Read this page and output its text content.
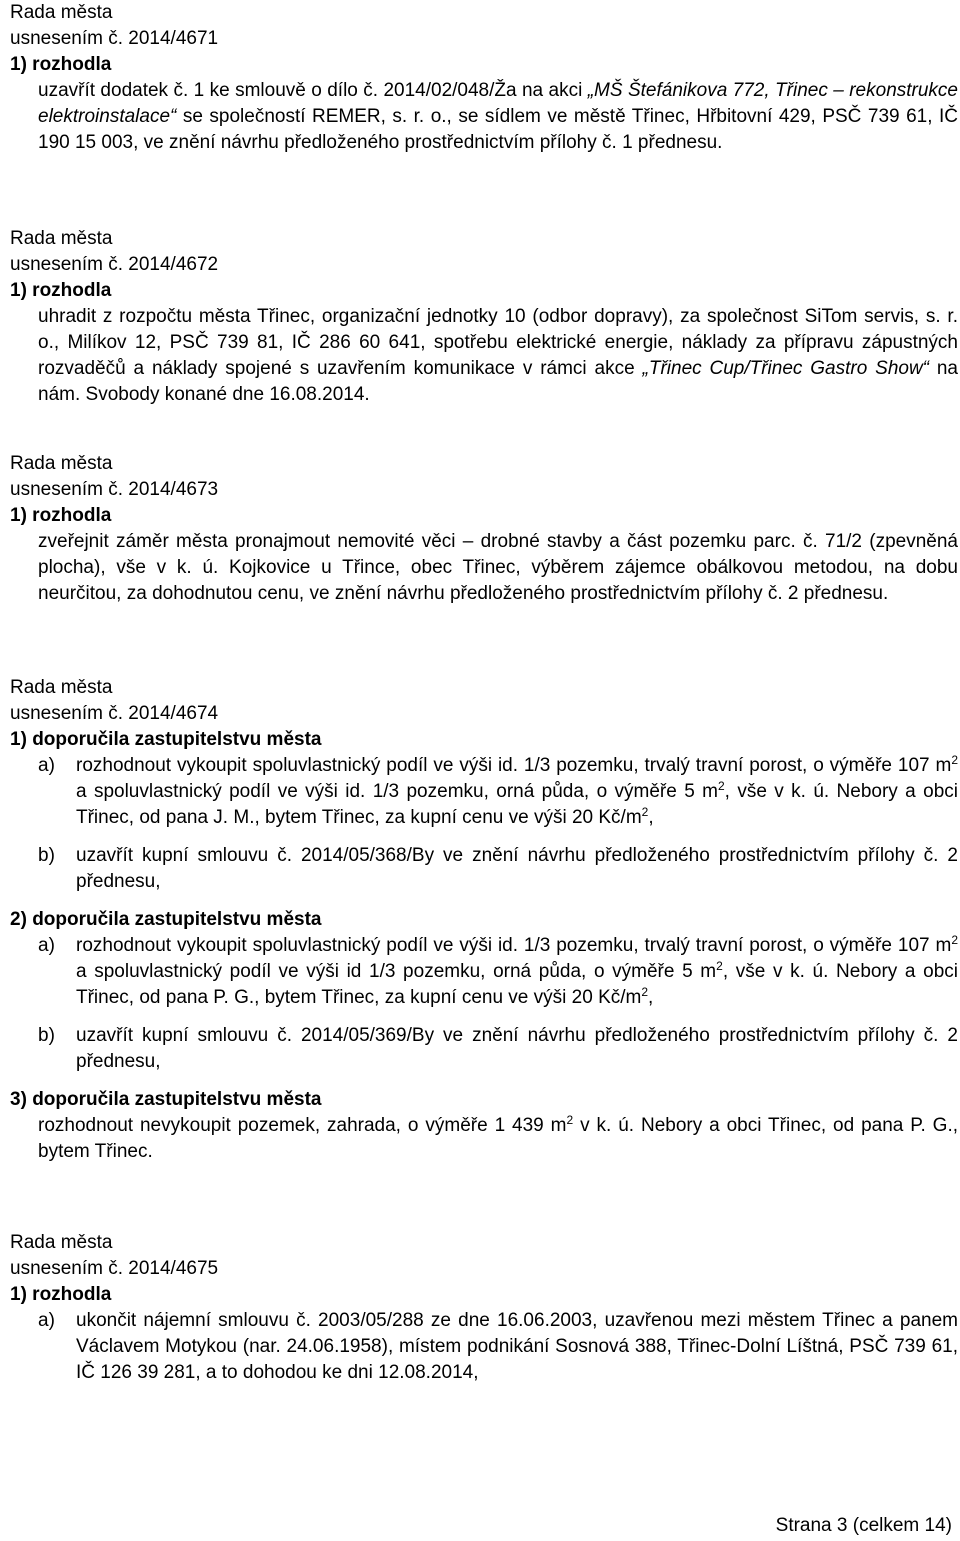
Rada města
usnesením č. 2014/4671
1) rozhodla
uzavřít dodatek č. 1 ke smlouvě o dílo č. 2014/02/048/Ža na akci „MŠ Štefánikova 772, Třinec – rekonstrukce elektroinstalace“ se společností REMER, s. r. o., se sídlem ve městě Třinec, Hřbitovní 429, PSČ 739 61, IČ 190 15 003, ve znění návrhu předloženého prostřednictvím přílohy č. 1 přednesu.
Rada města
usnesením č. 2014/4672
1) rozhodla
uhradit z rozpočtu města Třinec, organizační jednotky 10 (odbor dopravy), za společnost SiTom servis, s. r. o., Milíkov 12, PSČ 739 81, IČ 286 60 641, spotřebu elektrické energie, náklady za přípravu zápustných rozvaděčů a náklady spojené s uzavřením komunikace v rámci akce „Třinec Cup/Třinec Gastro Show“ na nám. Svobody konané dne 16.08.2014.
Rada města
usnesením č. 2014/4673
1) rozhodla
zveřejnit záměr města pronajmout nemovité věci – drobné stavby a část pozemku parc. č. 71/2 (zpevněná plocha), vše v k. ú. Kojkovice u Třince, obec Třinec, výběrem zájemce obálkovou metodou, na dobu neurčitou, za dohodnutou cenu, ve znění návrhu předloženého prostřednictvím přílohy č. 2 přednesu.
Rada města
usnesením č. 2014/4674
1) doporučila zastupitelstvu města
a)	rozhodnout vykoupit spoluvlastnický podíl ve výši id. 1/3 pozemku, trvalý travní porost, o výměře 107 $m^2$ a spoluvlastnický podíl ve výši id. 1/3 pozemku, orná půda, o výměře 5 $m^2$, vše v k. ú. Nebory a obci Třinec, od pana J. M., bytem Třinec, za kupní cenu ve výši 20 $Kč/m^2$,
b)	uzavřít kupní smlouvu č. 2014/05/368/By ve znění návrhu předloženého prostřednictvím přílohy č. 2 přednesu,
2) doporučila zastupitelstvu města
a)	rozhodnout vykoupit spoluvlastnický podíl ve výši id. 1/3 pozemku, trvalý travní porost, o výměře 107 $m^2$ a spoluvlastnický podíl ve výši id 1/3 pozemku, orná půda, o výměře 5 $m^2$, vše v k. ú. Nebory a obci Třinec, od pana P. G., bytem Třinec, za kupní cenu ve výši 20 $Kč/m^2$,
b)	uzavřít kupní smlouvu č. 2014/05/369/By ve znění návrhu předloženého prostřednictvím přílohy č. 2 přednesu,
3) doporučila zastupitelstvu města
rozhodnout nevykoupit pozemek, zahrada, o výměře 1 439 $m^2$ v k. ú. Nebory a obci Třinec, od pana P. G., bytem Třinec.
Rada města
usnesením č. 2014/4675
1) rozhodla
a)	ukončit nájemní smlouvu č. 2003/05/288 ze dne 16.06.2003, uzavřenou mezi městem Třinec a panem Václavem Motykou (nar. 24.06.1958), místem podnikání Sosnová 388, Třinec-Dolní Líštná, PSČ 739 61, IČ 126 39 281, a to dohodou ke dni 12.08.2014,
Strana 3 (celkem 14)
